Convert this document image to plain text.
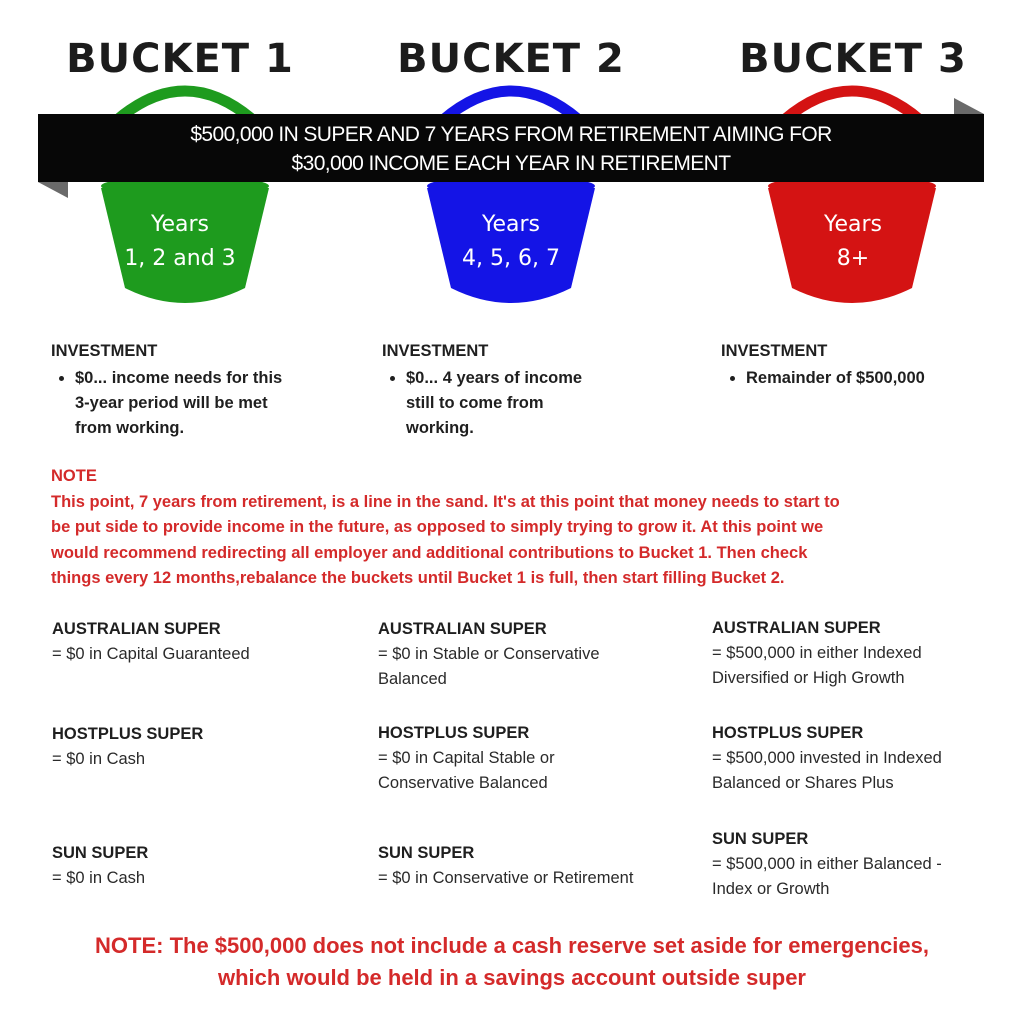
BUCKET 1	BUCKET 2	BUCKET 3
Years
1, 2 and 3
Years
4, 5, 6, 7
Years
8+
$500,000 IN SUPER AND 7 YEARS FROM RETIREMENT AIMING FOR
$30,000 INCOME EACH YEAR IN RETIREMENT
INVESTMENT
• $0... income needs for this
3-year period will be met
from working.
INVESTMENT
• $0... 4 years of income
still to come from
working.
INVESTMENT
• Remainder of $500,000
NOTE
This point, 7 years from retirement, is a line in the sand. It's at this point that money needs to start to
be put side to provide income in the future, as opposed to simply trying to grow it. At this point we
would recommend redirecting all employer and additional contributions to Bucket 1. Then check
things every 12 months,rebalance the buckets until Bucket 1 is full, then start filling Bucket 2.
AUSTRALIAN SUPER
= $0 in Capital Guaranteed
HOSTPLUS SUPER
= $0 in Cash
SUN SUPER
= $0 in Cash
AUSTRALIAN SUPER
= $0 in Stable or Conservative
Balanced
HOSTPLUS SUPER
= $0 in Capital Stable or
Conservative Balanced
SUN SUPER
= $0 in Conservative or Retirement
AUSTRALIAN SUPER
= $500,000 in either Indexed
Diversified or High Growth
HOSTPLUS SUPER
= $500,000 invested in Indexed
Balanced or Shares Plus
SUN SUPER
= $500,000 in either Balanced -
Index or Growth
NOTE: The $500,000 does not include a cash reserve set aside for emergencies,
which would be held in a savings account outside super
